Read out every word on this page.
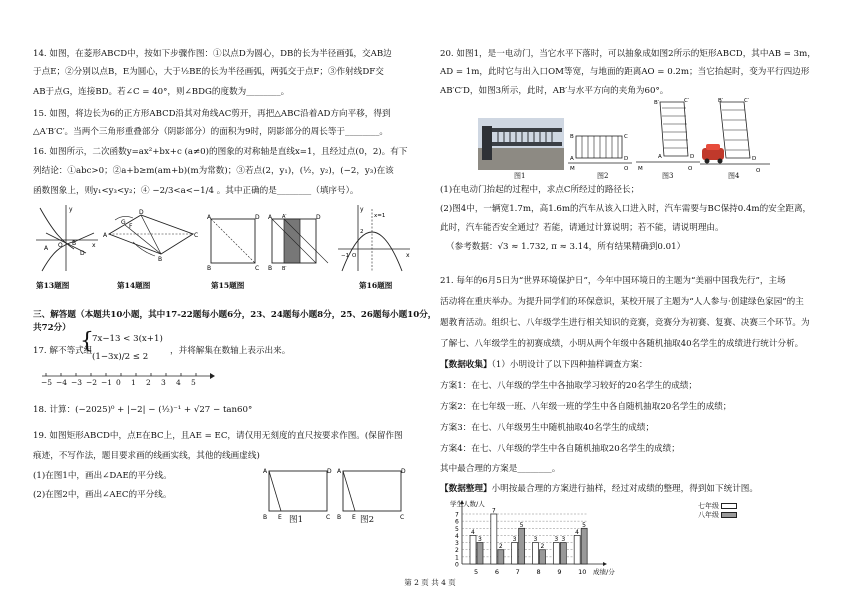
14. 如图，在菱形ABCD中，按如下步骤作图：①以点D为圆心，DB的长为半径画弧，交AB边

于点E；②分别以点B，E为圆心，大于½BE的长为半径画弧，两弧交于点F；③作射线DF交

AB于点G，连接BD。若∠C = 40°，则∠BDG的度数为________。

15. 如图，将边长为6的正方形ABCD沿其对角线AC剪开，再把△ABC沿着AD方向平移，得到

△A′B′C′。当两个三角形重叠部分（阴影部分）的面积为9时，阴影部分的周长等于________。

16. 如图所示，二次函数y=ax²+bx+c (a≠0)的图象的对称轴是直线x=1，且经过点(0，2)。有下

列结论：①abc>0；②a+b≥m(am+b)(m为常数)；③若点(2，y₁)，(½，y₂)，(−2，y₃)在该

函数图象上，则y₁<y₃<y₂；④ −2/3<a<−1/4 。其中正确的是________（填序号）。

y
x
O
A
B
D

第13题图

A
D
C
B
G
F

第14题图

A	D
B	C

第15题图

A A′	D
B B′
y
x
x=1
O
−1
2

第16题图

三、解答题（本题共10小题，其中17-22题每小题6分，23、24题每小题8分，25、26题每小题10分，

共72分）

17. 解不等式组

{

7x−13 < 3(x+1)

(1−3x)/2 ≤ 2

，并将解集在数轴上表示出来。

−5 −4 −3 −2 −1 0 1 2 3 4 5

18. 计算：(−2025)⁰ + |−2| − (½)⁻¹ + √27 − tan60°

19. 如图矩形ABCD中，点E在BC上，且AE = EC，请仅用无刻度的直尺按要求作图。(保留作图

痕迹，不写作法，题目要求画的线画实线，其他的线画虚线)

(1)在图1中，画出∠DAE的平分线。

(2)在图2中，画出∠AEC的平分线。

A	D
B E	C

图1

A	D
B E	C

图2

20. 如图1，是一电动门，当它水平下落时，可以抽象成如图2所示的矩形ABCD，其中AB = 3m，

AD = 1m，此时它与出入口OM等宽，与地面的距离AO = 0.2m；当它抬起时，变为平行四边形

AB′C′D，如图3所示，此时，AB′与水平方向的夹角为60°。

图1

B	C
D
A
M	O

图2

B′	C′
A	D
M	O

图3

B′	C′
D
O

图4

(1)在电动门抬起的过程中，求点C所经过的路径长；

(2)图4中，一辆宽1.7m，高1.6m的汽车从该入口进入时，汽车需要与BC保持0.4m的安全距离，

此时，汽车能否安全通过？若能，请通过计算说明；若不能，请说明理由。

（参考数据：√3 ≈ 1.732, π ≈ 3.14，所有结果精确到0.01）

21. 每年的6月5日为“世界环境保护日”，今年中国环境日的主题为“美丽中国我先行”，主场

活动将在重庆举办。为提升同学们的环保意识，某校开展了主题为“人人参与·创建绿色家园”的主

题教育活动。组织七、八年级学生进行相关知识的竞赛，竞赛分为初赛、复赛、决赛三个环节。为

了解七、八年级学生的初赛成绩，小明从两个年级中各随机抽取40名学生的成绩进行统计分析。

【数据收集】（1）小明设计了以下四种抽样调查方案：

方案1：在七、八年级的学生中各抽取学习较好的20名学生的成绩；

方案2：在七年级一班、八年级一班的学生中各自随机抽取20名学生的成绩；

方案3：在七、八年级男生中随机抽取40名学生的成绩；

方案4：在七、八年级的学生中各自随机抽取20名学生的成绩；

其中最合理的方案是________。

【数据整理】小明按最合理的方案进行抽样，经过对成绩的整理，得到如下统计图。

0
1
2
3
4
5
6
7
学生人数/人
成绩/分
4
3
5
7
2
6
3
5
7
3
2
8
3 3
9
4
5
10
七年级
八年级

第 2 页 共 4 页
